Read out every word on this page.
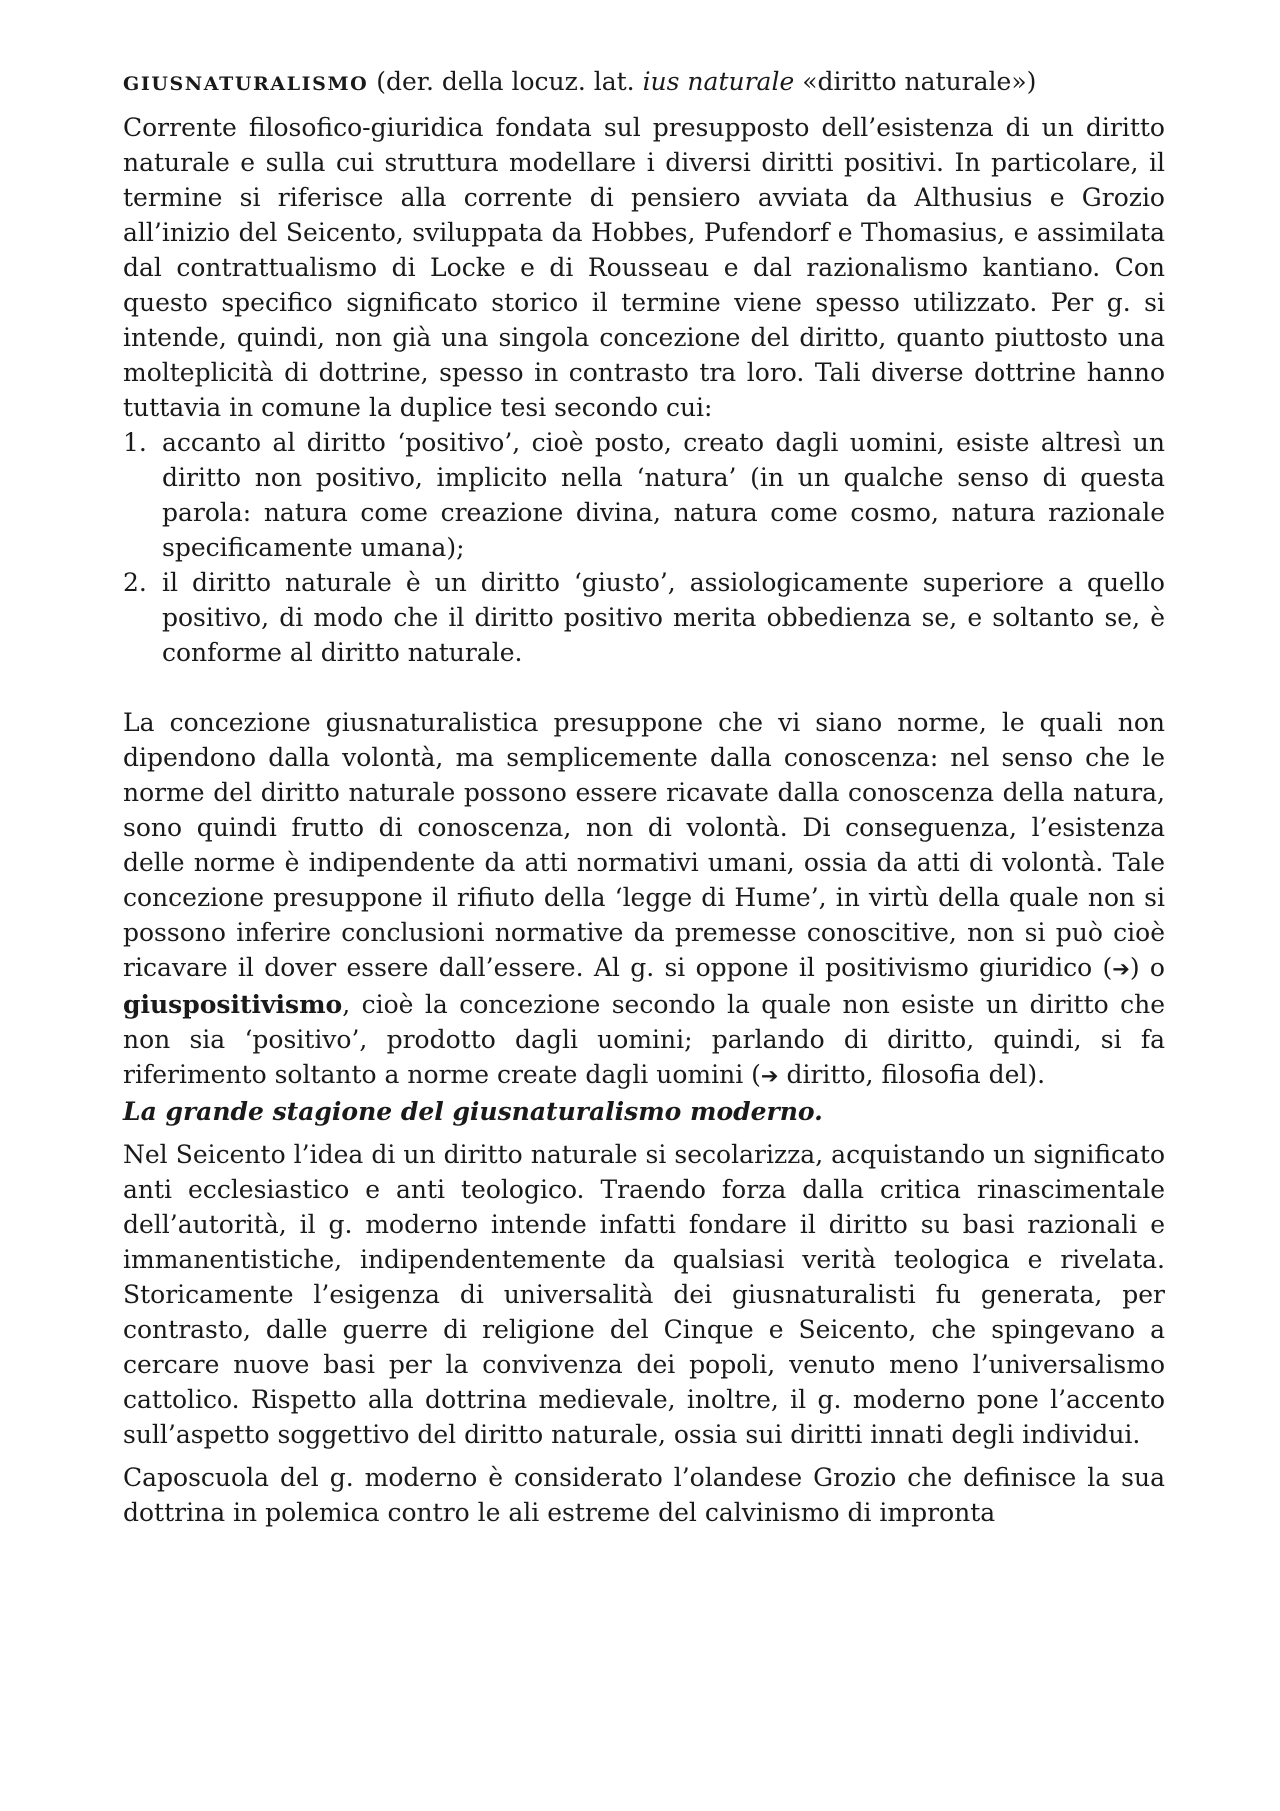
GIUSNATURALISMO (der. della locuz. lat. ius naturale «diritto naturale»)

Corrente filosofico-giuridica fondata sul presupposto dell’esistenza di un diritto naturale e sulla cui struttura modellare i diversi diritti positivi. In particolare, il termine si riferisce alla corrente di pensiero avviata da Althusius e Grozio all’inizio del Seicento, sviluppata da Hobbes, Pufendorf e Thomasius, e assimilata dal contrattualismo di Locke e di Rousseau e dal razionalismo kantiano. Con questo specifico significato storico il termine viene spesso utilizzato. Per g. si intende, quindi, non già una singola concezione del diritto, quanto piuttosto una molteplicità di dottrine, spesso in contrasto tra loro. Tali diverse dottrine hanno tuttavia in comune la duplice tesi secondo cui:

1. accanto al diritto ‘positivo’, cioè posto, creato dagli uomini, esiste altresì un diritto non positivo, implicito nella ‘natura’ (in un qualche senso di questa parola: natura come creazione divina, natura come cosmo, natura razionale specificamente umana);
2. il diritto naturale è un diritto ‘giusto’, assiologicamente superiore a quello positivo, di modo che il diritto positivo merita obbedienza se, e soltanto se, è conforme al diritto naturale.

La concezione giusnaturalistica presuppone che vi siano norme, le quali non dipendono dalla volontà, ma semplicemente dalla conoscenza: nel senso che le norme del diritto naturale possono essere ricavate dalla conoscenza della natura, sono quindi frutto di conoscenza, non di volontà. Di conseguenza, l’esistenza delle norme è indipendente da atti normativi umani, ossia da atti di volontà. Tale concezione presuppone il rifiuto della ‘legge di Hume’, in virtù della quale non si possono inferire conclusioni normative da premesse conoscitive, non si può cioè ricavare il dover essere dall’essere. Al g. si oppone il positivismo giuridico (➔) o giuspositivismo, cioè la concezione secondo la quale non esiste un diritto che non sia ‘positivo’, prodotto dagli uomini; parlando di diritto, quindi, si fa riferimento soltanto a norme create dagli uomini (➔ diritto, filosofia del).

La grande stagione del giusnaturalismo moderno.

Nel Seicento l’idea di un diritto naturale si secolarizza, acquistando un significato anti ecclesiastico e anti teologico. Traendo forza dalla critica rinascimentale dell’autorità, il g. moderno intende infatti fondare il diritto su basi razionali e immanentistiche, indipendentemente da qualsiasi verità teologica e rivelata. Storicamente l’esigenza di universalità dei giusnaturalisti fu generata, per contrasto, dalle guerre di religione del Cinque e Seicento, che spingevano a cercare nuove basi per la convivenza dei popoli, venuto meno l’universalismo cattolico. Rispetto alla dottrina medievale, inoltre, il g. moderno pone l’accento sull’aspetto soggettivo del diritto naturale, ossia sui diritti innati degli individui.

Caposcuola del g. moderno è considerato l’olandese Grozio che definisce la sua dottrina in polemica contro le ali estreme del calvinismo di impronta
